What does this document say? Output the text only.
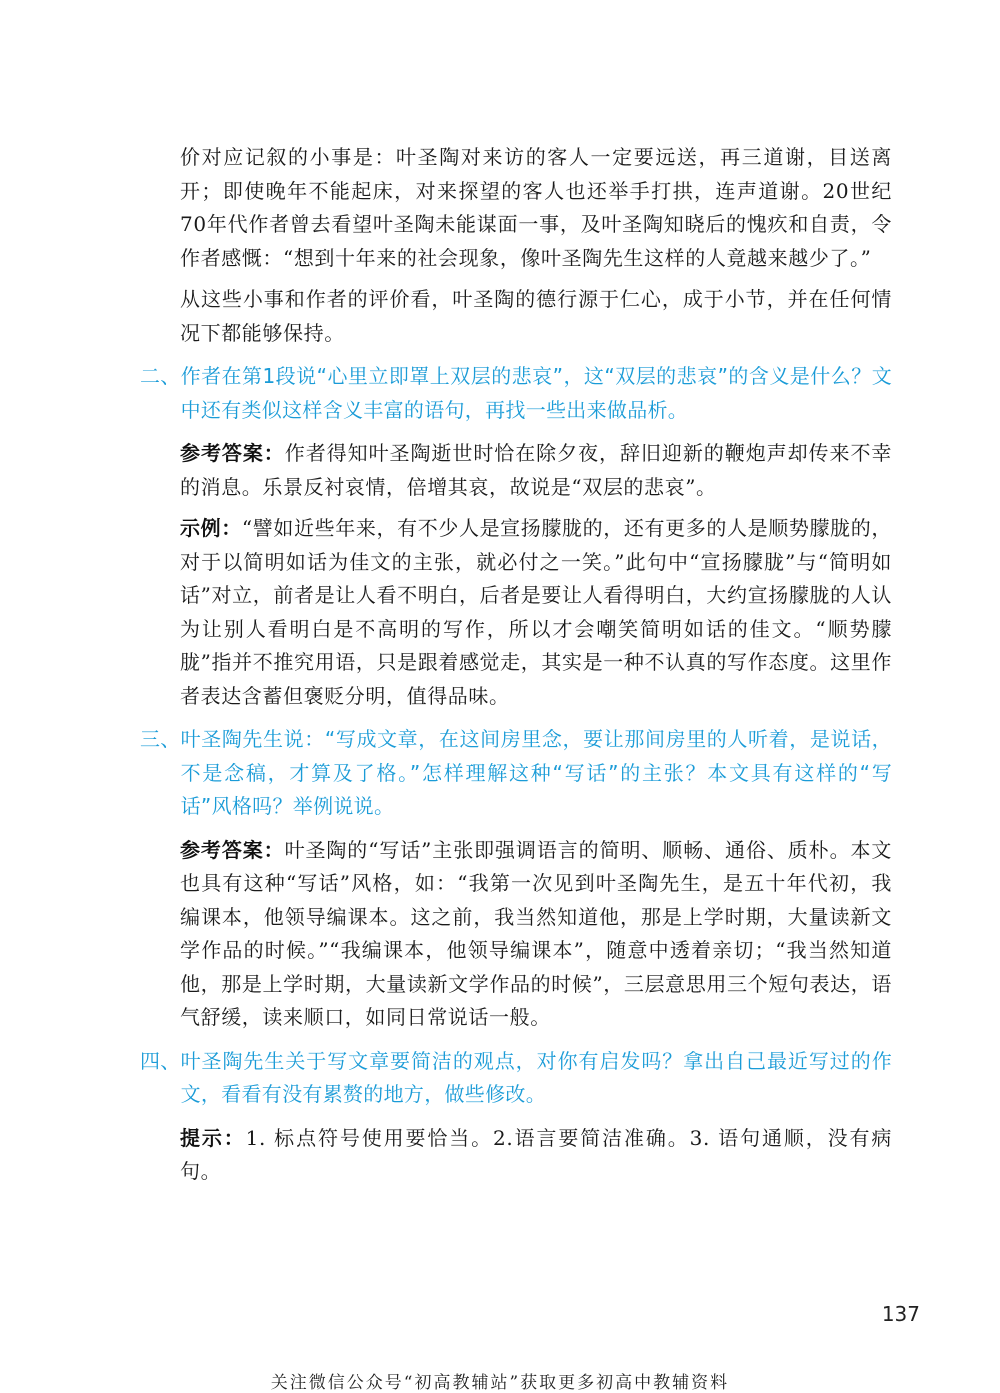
价对应记叙的小事是：叶圣陶对来访的客人一定要远送，再三道谢，目送离开；即使晚年不能起床，对来探望的客人也还举手打拱，连声道谢。20世纪70年代作者曾去看望叶圣陶未能谋面一事，及叶圣陶知晓后的愧疚和自责，令作者感慨：“想到十年来的社会现象，像叶圣陶先生这样的人竟越来越少了。”

从这些小事和作者的评价看，叶圣陶的德行源于仁心，成于小节，并在任何情况下都能够保持。

二、 作者在第1段说“心里立即罩上双层的悲哀”，这“双层的悲哀”的含义是什么？文中还有类似这样含义丰富的语句，再找一些出来做品析。

参考答案：作者得知叶圣陶逝世时恰在除夕夜，辞旧迎新的鞭炮声却传来不幸的消息。乐景反衬哀情，倍增其哀，故说是“双层的悲哀”。

示例：“譬如近些年来，有不少人是宣扬朦胧的，还有更多的人是顺势朦胧的，对于以简明如话为佳文的主张，就必付之一笑。”此句中“宣扬朦胧”与“简明如话”对立，前者是让人看不明白，后者是要让人看得明白，大约宣扬朦胧的人认为让别人看明白是不高明的写作，所以才会嘲笑简明如话的佳文。“顺势朦胧”指并不推究用语，只是跟着感觉走，其实是一种不认真的写作态度。这里作者表达含蓄但褒贬分明，值得品味。

三、 叶圣陶先生说：“写成文章，在这间房里念，要让那间房里的人听着，是说话，不是念稿，才算及了格。”怎样理解这种“写话”的主张？本文具有这样的“写话”风格吗？举例说说。

参考答案：叶圣陶的“写话”主张即强调语言的简明、顺畅、通俗、质朴。本文也具有这种“写话”风格，如：“我第一次见到叶圣陶先生，是五十年代初，我编课本，他领导编课本。这之前，我当然知道他，那是上学时期，大量读新文学作品的时候。”“我编课本，他领导编课本”，随意中透着亲切；“我当然知道他，那是上学时期，大量读新文学作品的时候”，三层意思用三个短句表达，语气舒缓，读来顺口，如同日常说话一般。

四、 叶圣陶先生关于写文章要简洁的观点，对你有启发吗？拿出自己最近写过的作文，看看有没有累赘的地方，做些修改。

提示：1. 标点符号使用要恰当。2.语言要简洁准确。3. 语句通顺，没有病句。

137
关注微信公众号“初高教辅站”获取更多初高中教辅资料
